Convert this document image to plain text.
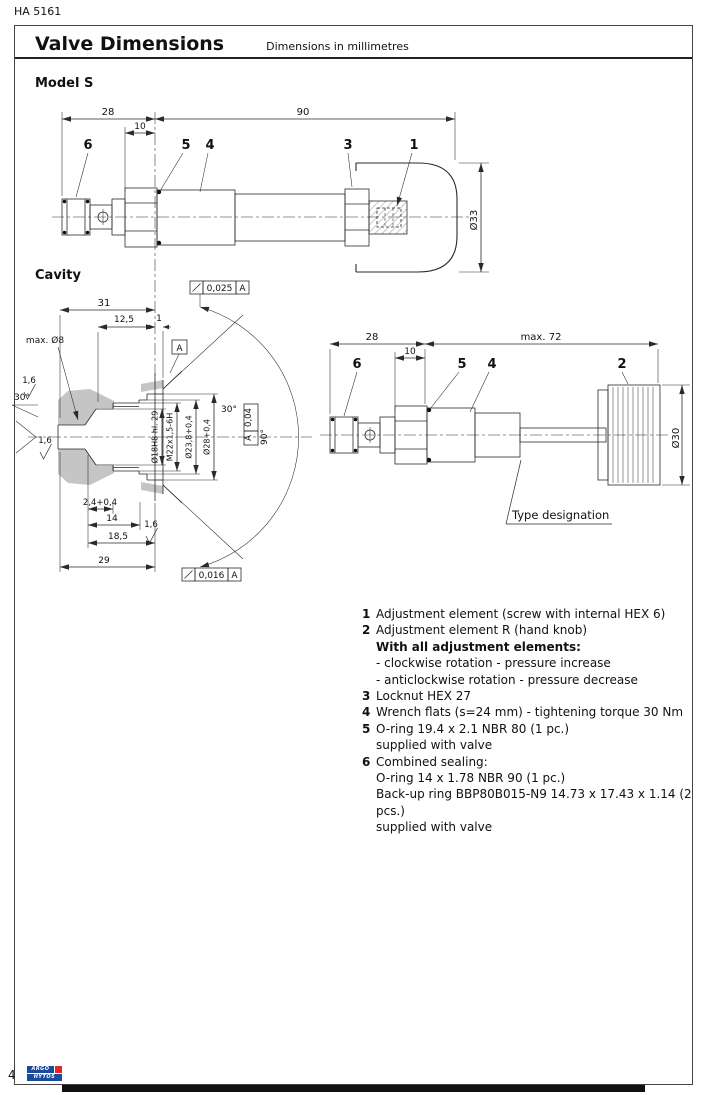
HA 5161
Valve Dimensions	Dimensions in millimetres
Model S
Cavity
28
10
90
Ø33
6	5 4	3	1
Ø18H8 hl. 29 M22x1,5-6H Ø23,8+0,4 Ø28+0,4
31
12,5 1
max. Ø8
A
0,025 A
0,04
A 90°
30°
30°
1,6
1,6
1,6
2,4+0,4
14
18,5
29
0,016 A
28
10
max. 72
Ø30
6	5 4	2
Type designation
1 Adjustment element (screw with internal HEX 6)
2 Adjustment element R (hand knob)
With all adjustment elements:
- clockwise rotation - pressure increase
- anticlockwise rotation - pressure decrease
3 Locknut HEX 27
4 Wrench flats (s=24 mm) - tightening torque 30 Nm
5 O-ring 19.4 x 2.1 NBR 80 (1 pc.)
supplied with valve
6 Combined sealing:
O-ring 14 x 1.78 NBR 90 (1 pc.)
Back-up ring BBP80B015-N9 14.73 x 17.43 x 1.14 (2 pcs.)
supplied with valve
4	ARGO
HYTOS
